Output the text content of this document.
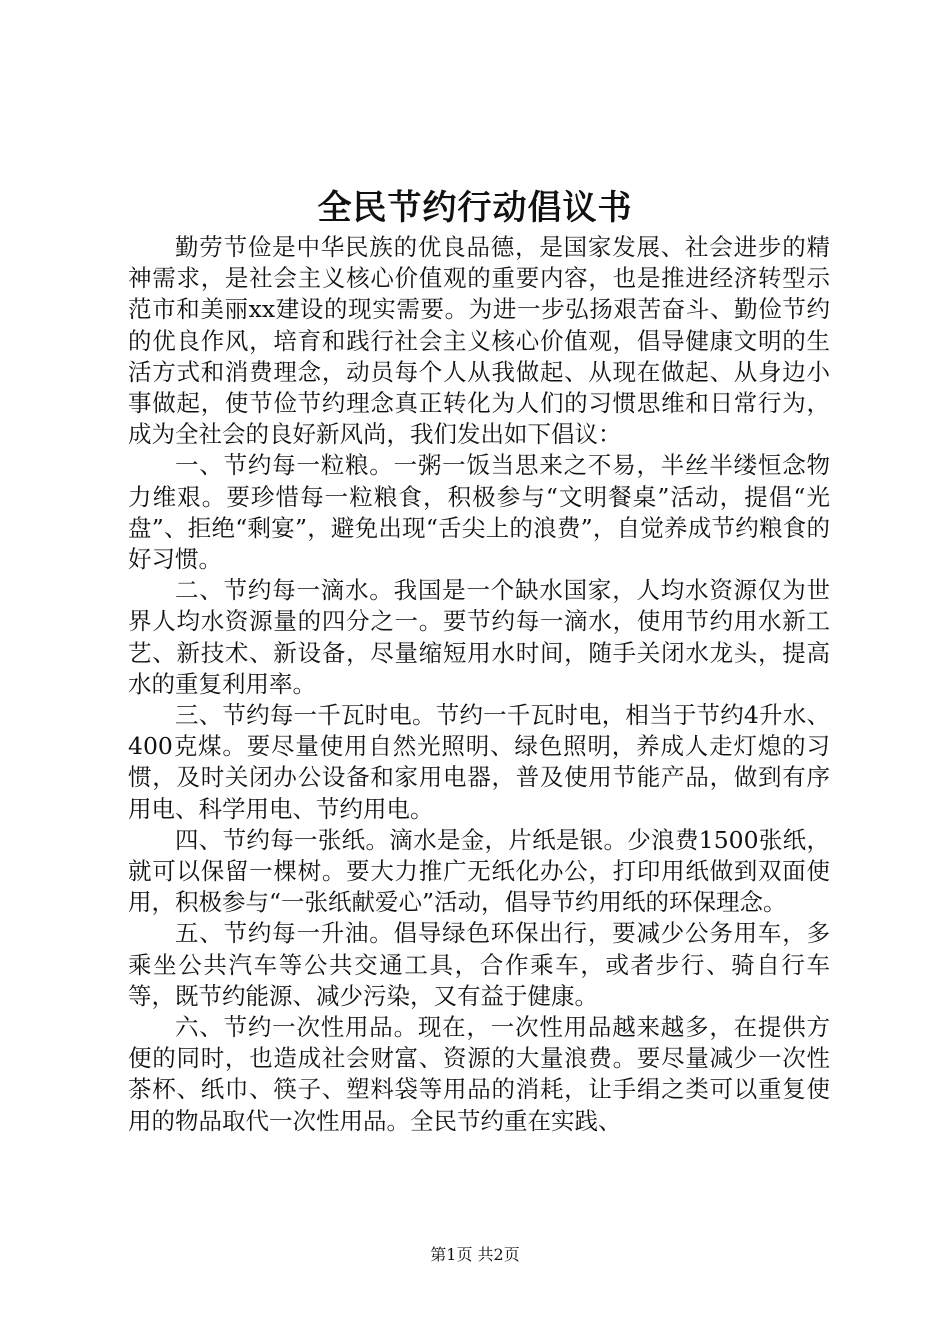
全民节约行动倡议书

勤劳节俭是中华民族的优良品德，是国家发展、社会进步的精神需求，是社会主义核心价值观的重要内容，也是推进经济转型示范市和美丽xx建设的现实需要。为进一步弘扬艰苦奋斗、勤俭节约的优良作风，培育和践行社会主义核心价值观，倡导健康文明的生活方式和消费理念，动员每个人从我做起、从现在做起、从身边小事做起，使节俭节约理念真正转化为人们的习惯思维和日常行为，成为全社会的良好新风尚，我们发出如下倡议：

一、节约每一粒粮。一粥一饭当思来之不易，半丝半缕恒念物力维艰。要珍惜每一粒粮食，积极参与“文明餐桌”活动，提倡“光盘”、拒绝“剩宴”，避免出现“舌尖上的浪费”，自觉养成节约粮食的好习惯。

二、节约每一滴水。我国是一个缺水国家，人均水资源仅为世界人均水资源量的四分之一。要节约每一滴水，使用节约用水新工艺、新技术、新设备，尽量缩短用水时间，随手关闭水龙头，提高水的重复利用率。

三、节约每一千瓦时电。节约一千瓦时电，相当于节约4升水、400克煤。要尽量使用自然光照明、绿色照明，养成人走灯熄的习惯，及时关闭办公设备和家用电器，普及使用节能产品，做到有序用电、科学用电、节约用电。

四、节约每一张纸。滴水是金，片纸是银。少浪费1500张纸，就可以保留一棵树。要大力推广无纸化办公，打印用纸做到双面使用，积极参与“一张纸献爱心”活动，倡导节约用纸的环保理念。

五、节约每一升油。倡导绿色环保出行，要减少公务用车，多乘坐公共汽车等公共交通工具，合作乘车，或者步行、骑自行车等，既节约能源、减少污染，又有益于健康。

六、节约一次性用品。现在，一次性用品越来越多，在提供方便的同时，也造成社会财富、资源的大量浪费。要尽量减少一次性茶杯、纸巾、筷子、塑料袋等用品的消耗，让手绢之类可以重复使用的物品取代一次性用品。全民节约重在实践、

第1页 共2页
